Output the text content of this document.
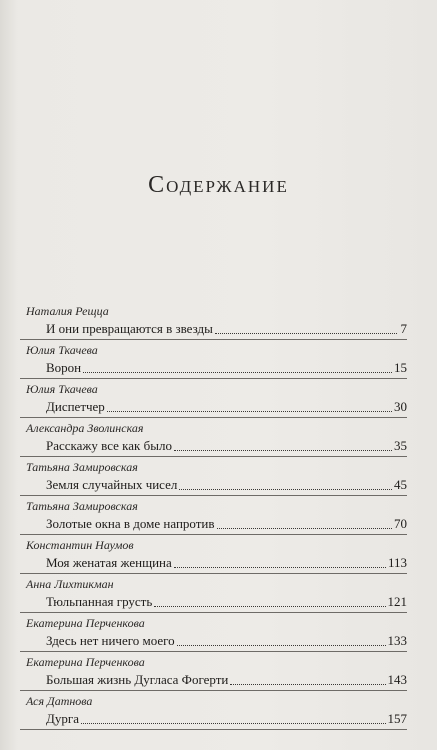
Содержание
Наталия Рещца
И они превращаются в звезды	7
Юлия Ткачева
Ворон	15
Юлия Ткачева
Диспетчер	30
Александра Зволинская
Расскажу все как было	35
Татьяна Замировская
Земля случайных чисел	45
Татьяна Замировская
Золотые окна в доме напротив	70
Константин Наумов
Моя женатая женщина	113
Анна Лихтикман
Тюльпанная грусть	121
Екатерина Перченкова
Здесь нет ничего моего	133
Екатерина Перченкова
Большая жизнь Дугласа Фогерти	143
Ася Датнова
Дурга	157
